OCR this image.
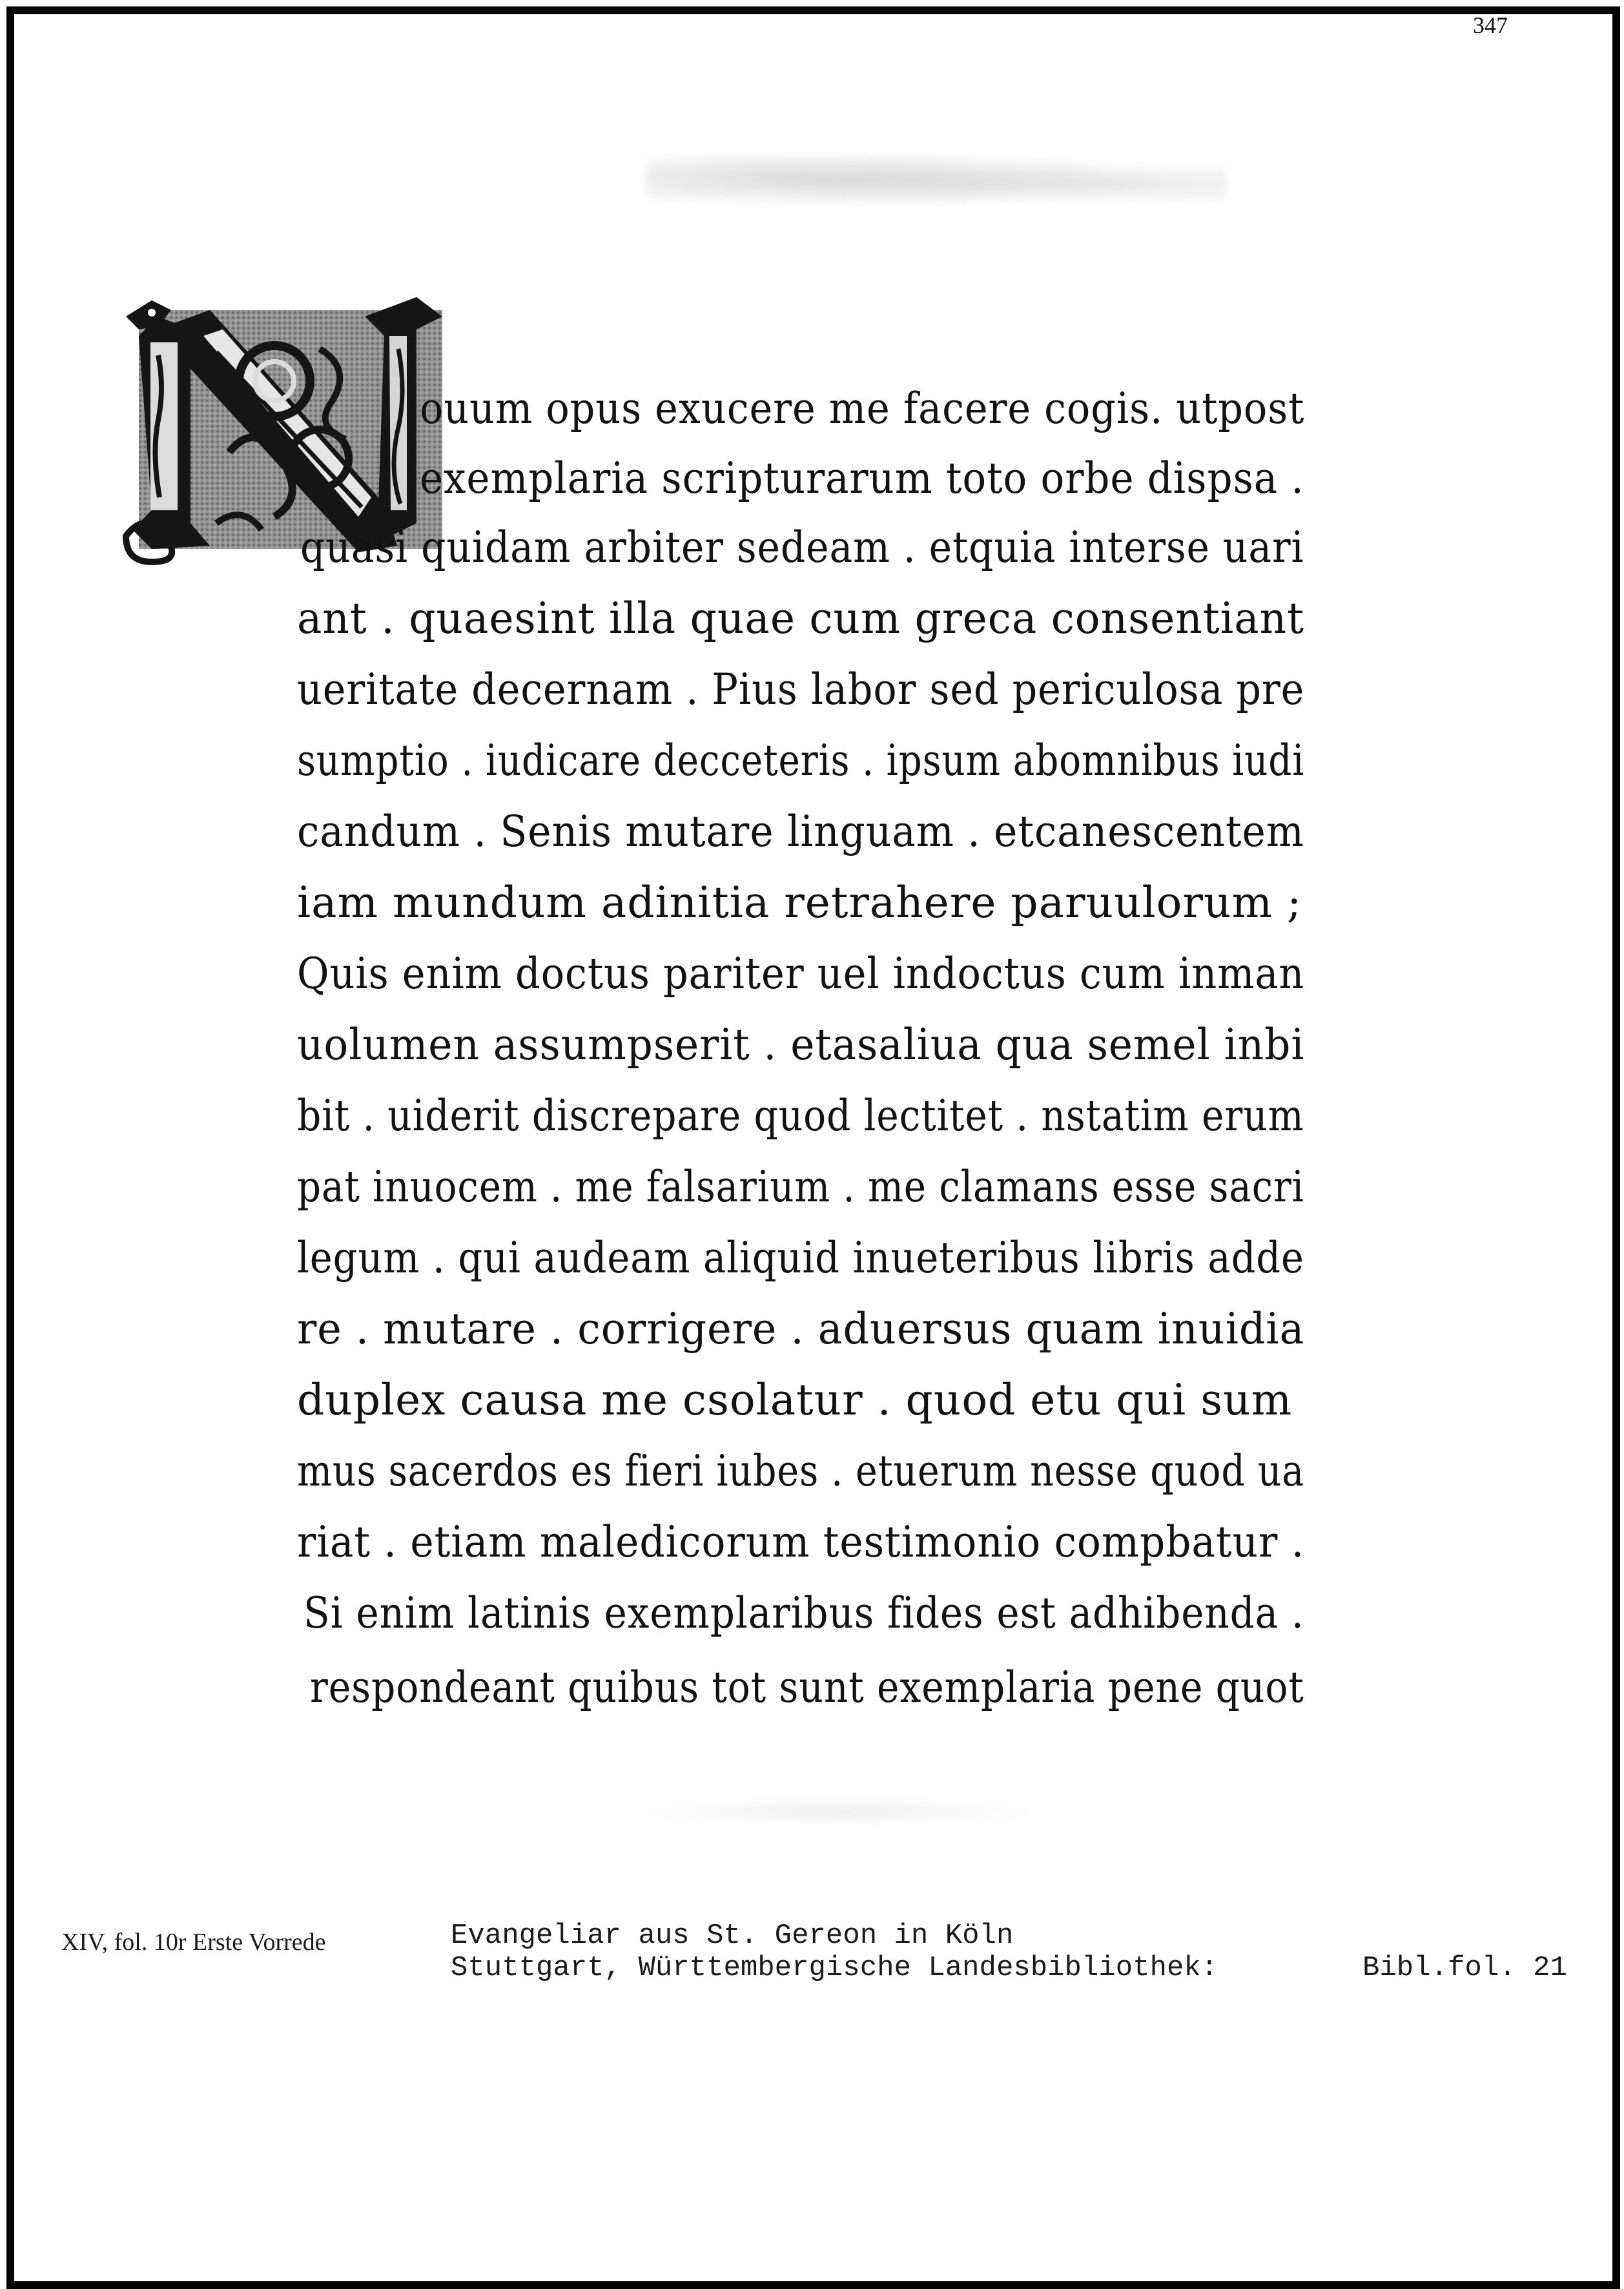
347
ouum opus exucere me facere cogis. utpost
exemplaria scripturarum toto orbe dispsa .
quasi quidam arbiter sedeam . etquia interse uari
ant . quaesint illa quae cum greca consentiant
ueritate decernam . Pius labor sed periculosa pre
sumptio . iudicare decceteris . ipsum abomnibus iudi
candum . Senis mutare linguam . etcanescentem
iam mundum adinitia retrahere paruulorum ;
Quis enim doctus pariter uel indoctus cum inman
uolumen assumpserit . etasaliua qua semel inbi
bit . uiderit discrepare quod lectitet . nstatim erum
pat inuocem . me falsarium . me clamans esse sacri
legum . qui audeam aliquid inueteribus libris adde
re . mutare . corrigere . aduersus quam inuidia
duplex causa me csolatur . quod etu qui sum
mus sacerdos es fieri iubes . etuerum nesse quod ua
riat . etiam maledicorum testimonio compbatur .
Si enim latinis exemplaribus fides est adhibenda .
respondeant quibus tot sunt exemplaria pene quot
XIV, fol. 10r Erste Vorrede	Evangeliar aus St. Gereon in Köln
Stuttgart, Württembergische Landesbibliothek:	Bibl.fol. 21
